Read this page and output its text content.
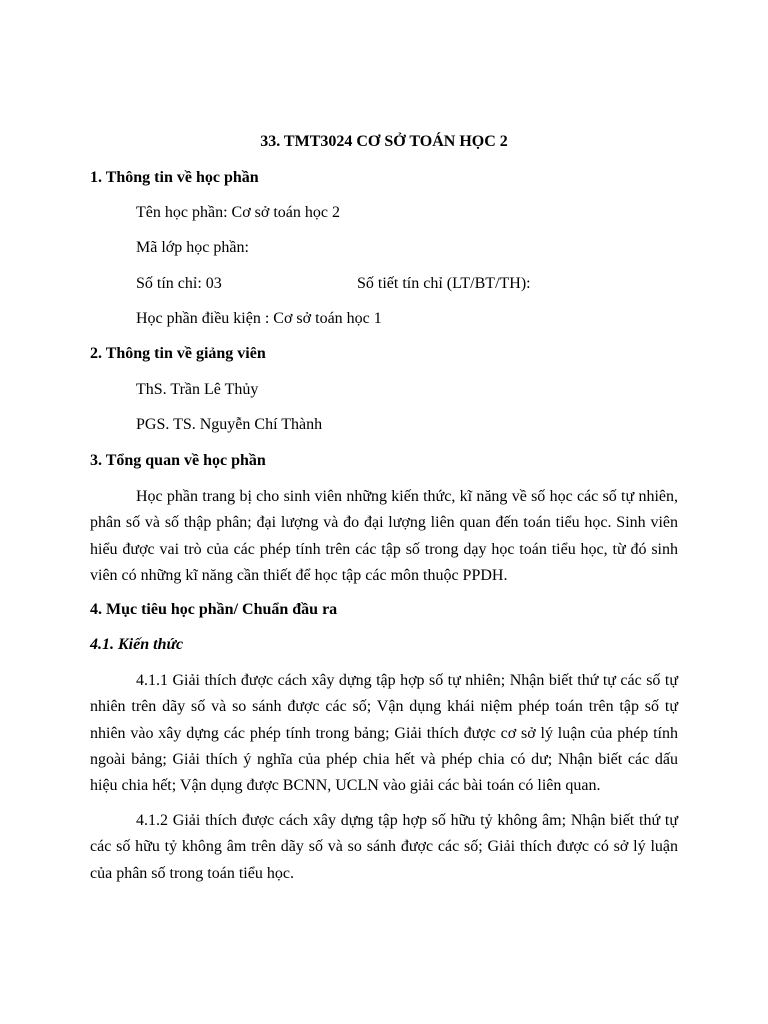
33. TMT3024 CƠ SỞ TOÁN HỌC 2

1. Thông tin về học phần

Tên học phần: Cơ sở toán học 2

Mã lớp học phần:

Số tín chỉ: 03	Số tiết tín chỉ (LT/BT/TH):

Học phần điều kiện : Cơ sở toán học 1

2. Thông tin về giảng viên

ThS. Trần Lê Thủy

PGS. TS. Nguyễn Chí Thành

3. Tổng quan về học phần

Học phần trang bị cho sinh viên những kiến thức, kĩ năng về số học các số tự nhiên, phân số và số thập phân; đại lượng và đo đại lượng liên quan đến toán tiểu học. Sinh viên hiểu được vai trò của các phép tính trên các tập số trong dạy học toán tiểu học, từ đó sinh viên có những kĩ năng cần thiết để học tập các môn thuộc PPDH.

4. Mục tiêu học phần/ Chuẩn đầu ra

4.1. Kiến thức

4.1.1 Giải thích được cách xây dựng tập hợp số tự nhiên; Nhận biết thứ tự các số tự nhiên trên dãy số và so sánh được các số; Vận dụng khái niệm phép toán trên tập số tự nhiên vào xây dựng các phép tính trong bảng; Giải thích được cơ sở lý luận của phép tính ngoài bảng; Giải thích ý nghĩa của phép chia hết và phép chia có dư; Nhận biết các dấu hiệu chia hết; Vận dụng được BCNN, UCLN vào giải các bài toán có liên quan.

4.1.2 Giải thích được cách xây dựng tập hợp số hữu tỷ không âm; Nhận biết thứ tự các số hữu tỷ không âm trên dãy số và so sánh được các số; Giải thích được có sở lý luận của phân số trong toán tiểu học.
